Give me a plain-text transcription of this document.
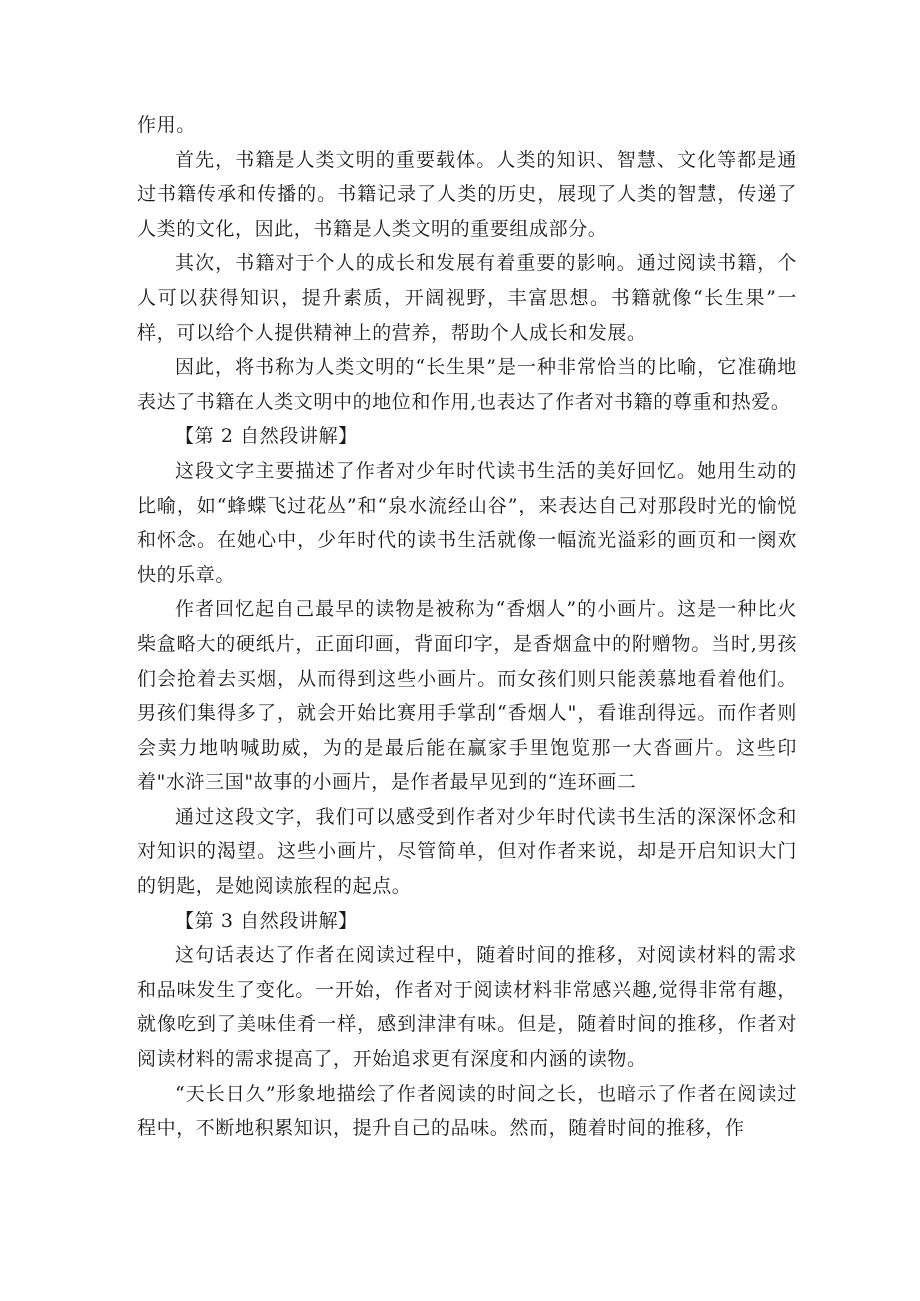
作用。

首先，书籍是人类文明的重要载体。人类的知识、智慧、文化等都是通过书籍传承和传播的。书籍记录了人类的历史，展现了人类的智慧，传递了人类的文化，因此，书籍是人类文明的重要组成部分。

其次，书籍对于个人的成长和发展有着重要的影响。通过阅读书籍，个人可以获得知识，提升素质，开阔视野，丰富思想。书籍就像“长生果”一样，可以给个人提供精神上的营养，帮助个人成长和发展。

因此，将书称为人类文明的“长生果”是一种非常恰当的比喻，它准确地表达了书籍在人类文明中的地位和作用,也表达了作者对书籍的尊重和热爱。

【第 2 自然段讲解】

这段文字主要描述了作者对少年时代读书生活的美好回忆。她用生动的比喻，如“蜂蝶飞过花丛”和“泉水流经山谷”，来表达自己对那段时光的愉悦和怀念。在她心中，少年时代的读书生活就像一幅流光溢彩的画页和一阕欢快的乐章。

作者回忆起自己最早的读物是被称为“香烟人”的小画片。这是一种比火柴盒略大的硬纸片，正面印画，背面印字，是香烟盒中的附赠物。当时,男孩们会抢着去买烟，从而得到这些小画片。而女孩们则只能羡慕地看着他们。男孩们集得多了，就会开始比赛用手掌刮“香烟人"，看谁刮得远。而作者则会卖力地呐喊助威，为的是最后能在赢家手里饱览那一大沓画片。这些印着"水浒三国"故事的小画片，是作者最早见到的“连环画二

通过这段文字，我们可以感受到作者对少年时代读书生活的深深怀念和对知识的渴望。这些小画片，尽管简单，但对作者来说，却是开启知识大门的钥匙，是她阅读旅程的起点。

【第 3 自然段讲解】

这句话表达了作者在阅读过程中，随着时间的推移，对阅读材料的需求和品味发生了变化。一开始，作者对于阅读材料非常感兴趣,觉得非常有趣，就像吃到了美味佳肴一样，感到津津有味。但是，随着时间的推移，作者对阅读材料的需求提高了，开始追求更有深度和内涵的读物。

“天长日久”形象地描绘了作者阅读的时间之长，也暗示了作者在阅读过程中，不断地积累知识，提升自己的品味。然而，随着时间的推移，作
